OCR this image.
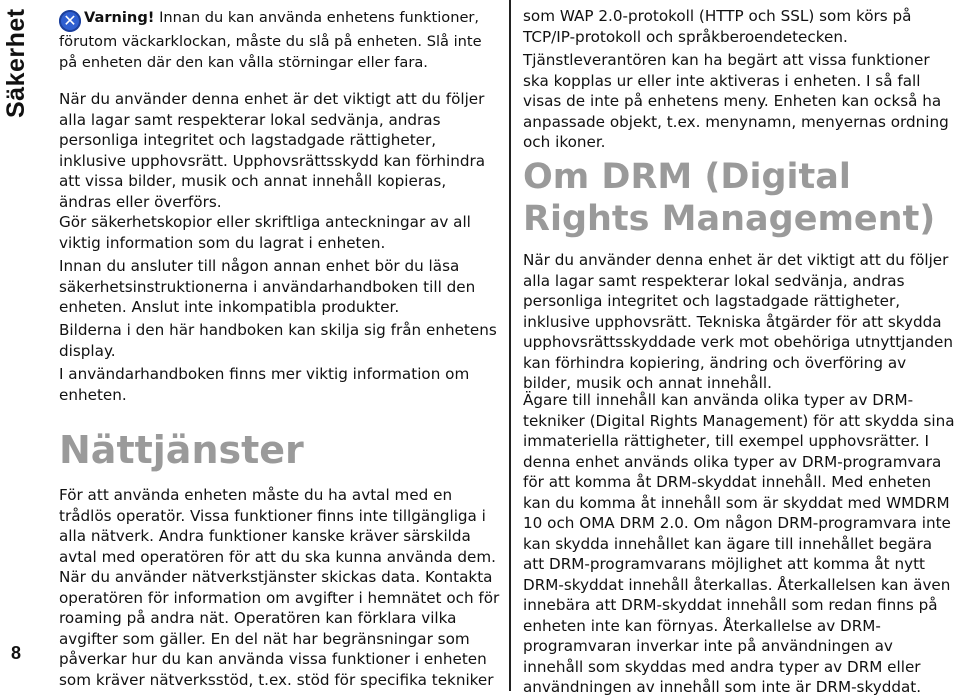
Säkerhet
8
✕ Varning! Innan du kan använda enhetens funktioner, förutom väckarklockan, måste du slå på enheten. Slå inte på enheten där den kan vålla störningar eller fara.

När du använder denna enhet är det viktigt att du följer alla lagar samt respekterar lokal sedvänja, andras personliga integritet och lagstadgade rättigheter, inklusive upphovsrätt. Upphovsrättsskydd kan förhindra att vissa bilder, musik och annat innehåll kopieras, ändras eller överförs.

Gör säkerhetskopior eller skriftliga anteckningar av all viktig information som du lagrat i enheten.

Innan du ansluter till någon annan enhet bör du läsa säkerhetsinstruktionerna i användarhandboken till den enheten. Anslut inte inkompatibla produkter.

Bilderna i den här handboken kan skilja sig från enhetens display.

I användarhandboken finns mer viktig information om enheten.

Nättjänster

För att använda enheten måste du ha avtal med en trådlös operatör. Vissa funktioner finns inte tillgängliga i alla nätverk. Andra funktioner kanske kräver särskilda avtal med operatören för att du ska kunna använda dem. När du använder nätverkstjänster skickas data. Kontakta operatören för information om avgifter i hemnätet och för roaming på andra nät. Operatören kan förklara vilka avgifter som gäller. En del nät har begränsningar som påverkar hur du kan använda vissa funktioner i enheten som kräver nätverksstöd, t.ex. stöd för specifika tekniker

som WAP 2.0-protokoll (HTTP och SSL) som körs på TCP/IP-protokoll och språkberoendetecken.

Tjänstleverantören kan ha begärt att vissa funktioner ska kopplas ur eller inte aktiveras i enheten. I så fall visas de inte på enhetens meny. Enheten kan också ha anpassade objekt, t.ex. menynamn, menyernas ordning och ikoner.

Om DRM (Digital Rights Management)

När du använder denna enhet är det viktigt att du följer alla lagar samt respekterar lokal sedvänja, andras personliga integritet och lagstadgade rättigheter, inklusive upphovsrätt. Tekniska åtgärder för att skydda upphovsrättsskyddade verk mot obehöriga utnyttjanden kan förhindra kopiering, ändring och överföring av bilder, musik och annat innehåll.

Ägare till innehåll kan använda olika typer av DRM-tekniker (Digital Rights Management) för att skydda sina immateriella rättigheter, till exempel upphovsrätter. I denna enhet används olika typer av DRM-programvara för att komma åt DRM-skyddat innehåll. Med enheten kan du komma åt innehåll som är skyddat med WMDRM 10 och OMA DRM 2.0. Om någon DRM-programvara inte kan skydda innehållet kan ägare till innehållet begära att DRM-programvarans möjlighet att komma åt nytt DRM-skyddat innehåll återkallas. Återkallelsen kan även innebära att DRM-skyddat innehåll som redan finns på enheten inte kan förnyas. Återkallelse av DRM-programvaran inverkar inte på användningen av innehåll som skyddas med andra typer av DRM eller användningen av innehåll som inte är DRM-skyddat.
